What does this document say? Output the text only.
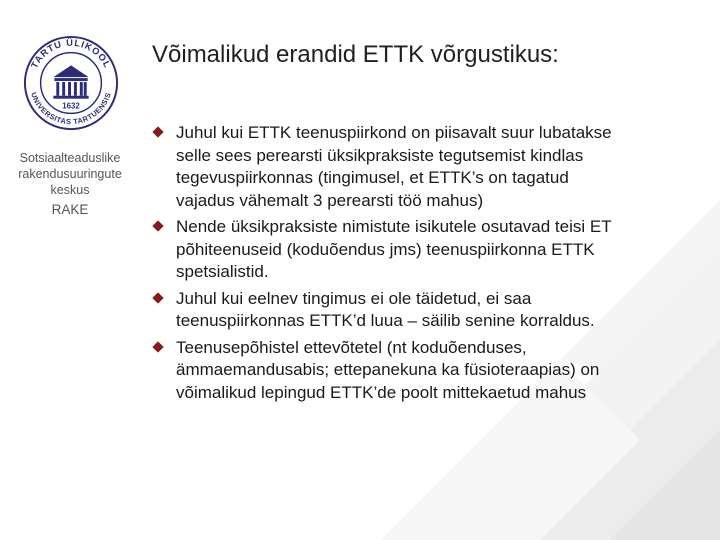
TARTU ÜLIKOOL
UNIVERSITAS TARTUENSIS
1632
Sotsiaalteaduslike
rakendusuuringute
keskus
RAKE
Võimalikud erandid ETTK võrgustikus:
Juhul kui ETTK teenuspiirkond on piisavalt suur lubatakse
selle sees perearsti üksikpraksiste tegutsemist kindlas
tegevuspiirkonnas (tingimusel, et ETTK’s on tagatud
vajadus vähemalt 3 perearsti töö mahus)
Nende üksikpraksiste nimistute isikutele osutavad teisi ET
põhiteenuseid (koduõendus jms) teenuspiirkonna ETTK
spetsialistid.
Juhul kui eelnev tingimus ei ole täidetud, ei saa
teenuspiirkonnas ETTK’d luua – säilib senine korraldus.
Teenusepõhistel ettevõtetel (nt koduõenduses,
ämmaemandusabis; ettepanekuna ka füsioteraapias) on
võimalikud lepingud ETTK’de poolt mittekaetud mahus
